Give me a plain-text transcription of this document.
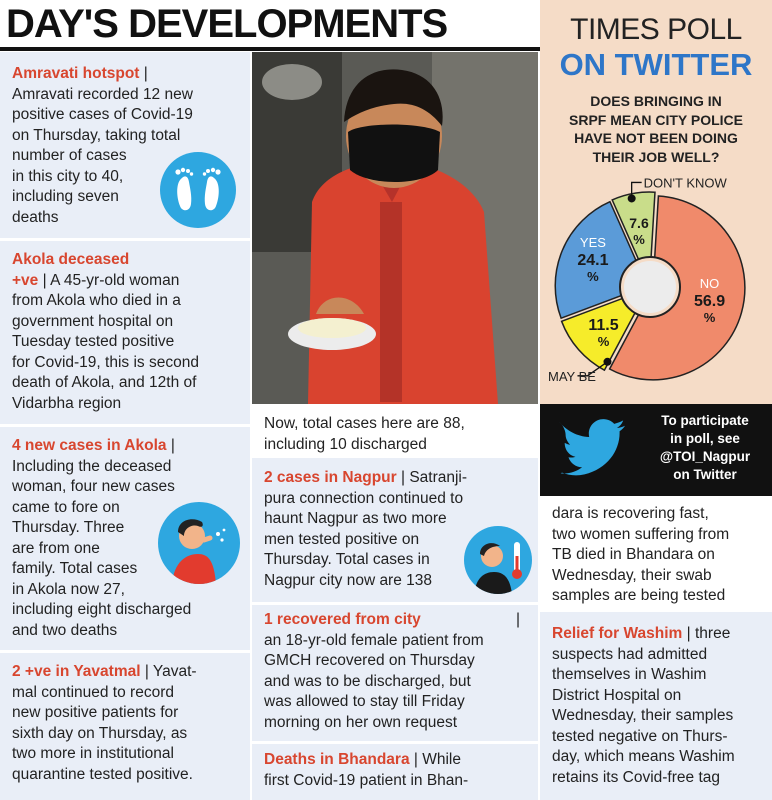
DAY'S DEVELOPMENTS
Amravati hotspot |
Amravati recorded 12 new
positive cases of Covid-19
on Thursday, taking total
number of cases
in this city to 40,
including seven
deaths
Akola deceased
+ve | A 45-yr-old woman
from Akola who died in a
government hospital on
Tuesday tested positive
for Covid-19, this is second
death of Akola, and 12th of
Vidarbha region
4 new cases in Akola |
Including the deceased
woman, four new cases
came to fore on
Thursday. Three
are from one
family. Total cases
in Akola now 27,
including eight discharged
and two deaths
2 +ve in Yavatmal | Yavat-
mal continued to record
new positive patients for
sixth day on Thursday, as
two more in institutional
quarantine tested positive.
Now, total cases here are 88,
including 10 discharged
2 cases in Nagpur | Satranji-
pura connection continued to
haunt Nagpur as two more
men tested positive on
Thursday. Total cases in
Nagpur city now are 138
1 recovered from city	|
an 18-yr-old female patient from
GMCH recovered on Thursday
and was to be discharged, but
was allowed to stay till Friday
morning on her own request
Deaths in Bhandara | While
first Covid-19 patient in Bhan-
TIMES POLL
ON TWITTER
DOES BRINGING IN
SRPF MEAN CITY POLICE
HAVE NOT BEEN DOING
THEIR JOB WELL?
NO
56.9
%
11.5
%
MAY BE
YES
24.1
%
7.6
%
DON'T KNOW
To participate
in poll, see
@TOI_Nagpur
on Twitter
dara is recovering fast,
two women suffering from
TB died in Bhandara on
Wednesday, their swab
samples are being tested
Relief for Washim | three
suspects had admitted
themselves in Washim
District Hospital on
Wednesday, their samples
tested negative on Thurs-
day, which means Washim
retains its Covid-free tag
